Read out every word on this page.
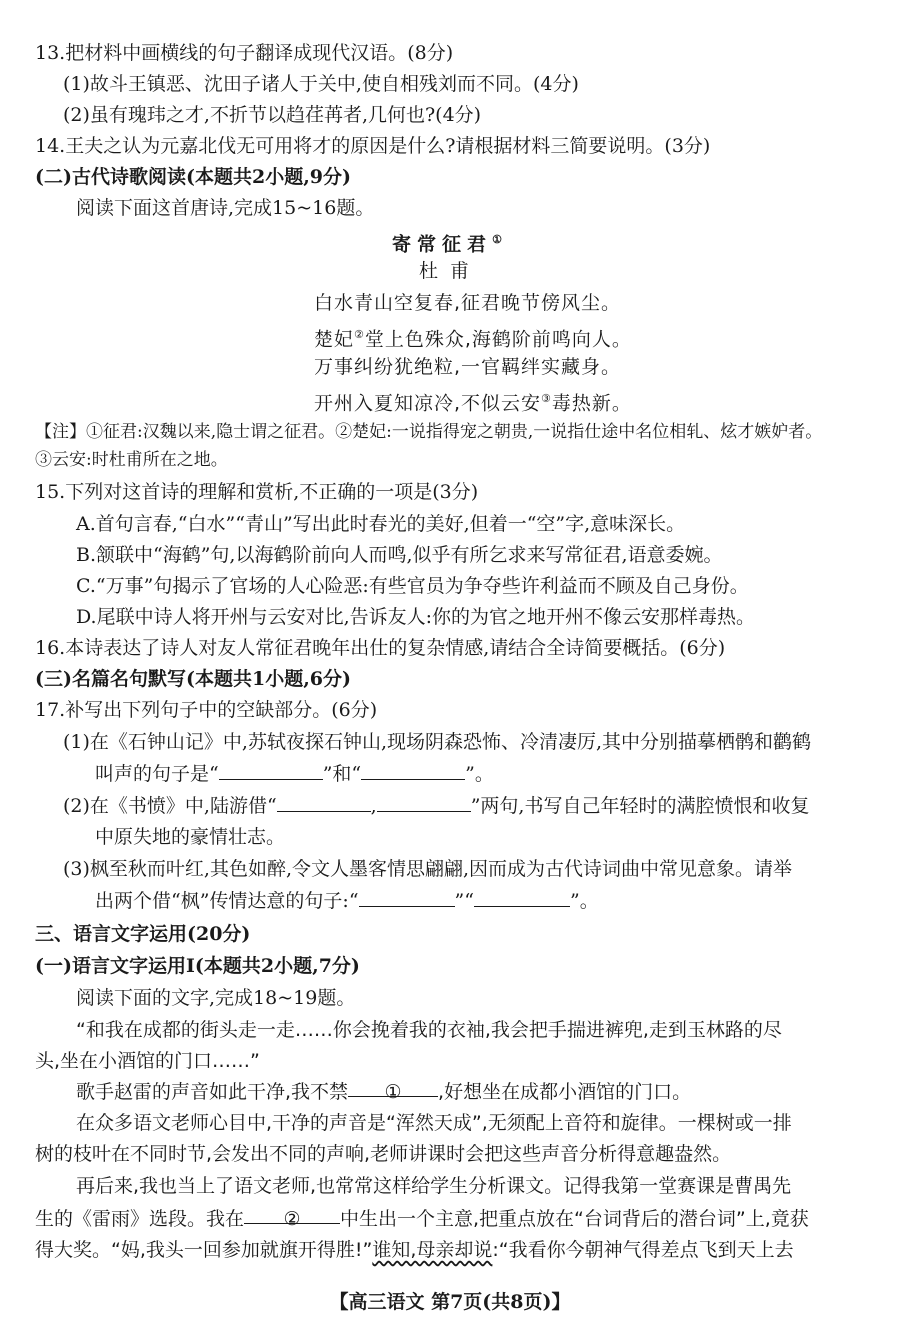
13.把材料中画横线的句子翻译成现代汉语。(8分)
(1)故斗王镇恶、沈田子诸人于关中,使自相残刘而不同。(4分)
(2)虽有瑰玮之才,不折节以趋荏苒者,几何也?(4分)
14.王夫之认为元嘉北伐无可用将才的原因是什么?请根据材料三简要说明。(3分)
(二)古代诗歌阅读(本题共2小题,9分)
阅读下面这首唐诗,完成15~16题。
寄常征君①
杜甫
白水青山空复春,征君晚节傍风尘。
楚妃②堂上色殊众,海鹤阶前鸣向人。
万事纠纷犹绝粒,一官羁绊实藏身。
开州入夏知凉冷,不似云安③毒热新。
【注】①征君:汉魏以来,隐士谓之征君。②楚妃:一说指得宠之朝贵,一说指仕途中名位相轧、炫才嫉妒者。
③云安:时杜甫所在之地。
15.下列对这首诗的理解和赏析,不正确的一项是(3分)
A.首句言春,“白水”“青山”写出此时春光的美好,但着一“空”字,意味深长。
B.颔联中“海鹤”句,以海鹤阶前向人而鸣,似乎有所乞求来写常征君,语意委婉。
C.“万事”句揭示了官场的人心险恶:有些官员为争夺些许利益而不顾及自己身份。
D.尾联中诗人将开州与云安对比,告诉友人:你的为官之地开州不像云安那样毒热。
16.本诗表达了诗人对友人常征君晚年出仕的复杂情感,请结合全诗简要概括。(6分)
(三)名篇名句默写(本题共1小题,6分)
17.补写出下列句子中的空缺部分。(6分)
(1)在《石钟山记》中,苏轼夜探石钟山,现场阴森恐怖、冷清凄厉,其中分别描摹栖鹘和鹳鹤
叫声的句子是“	”和“	”。
(2)在《书愤》中,陆游借“	,	”两句,书写自己年轻时的满腔愤恨和收复
中原失地的豪情壮志。
(3)枫至秋而叶红,其色如醉,令文人墨客情思翩翩,因而成为古代诗词曲中常见意象。请举
出两个借“枫”传情达意的句子:“	”“	”。
三、语言文字运用(20分)
(一)语言文字运用Ⅰ(本题共2小题,7分)
阅读下面的文字,完成18~19题。
“和我在成都的街头走一走……你会挽着我的衣袖,我会把手揣进裤兜,走到玉林路的尽
头,坐在小酒馆的门口……”
歌手赵雷的声音如此干净,我不禁 ① ,好想坐在成都小酒馆的门口。
在众多语文老师心目中,干净的声音是“浑然天成”,无须配上音符和旋律。一棵树或一排
树的枝叶在不同时节,会发出不同的声响,老师讲课时会把这些声音分析得意趣盎然。
再后来,我也当上了语文老师,也常常这样给学生分析课文。记得我第一堂赛课是曹禺先
生的《雷雨》选段。我在 ② 中生出一个主意,把重点放在“台词背后的潜台词”上,竟获
得大奖。“妈,我头一回参加就旗开得胜!”谁知,母亲却说:“我看你今朝神气得差点飞到天上去
【高三语文 第7页(共8页)】
